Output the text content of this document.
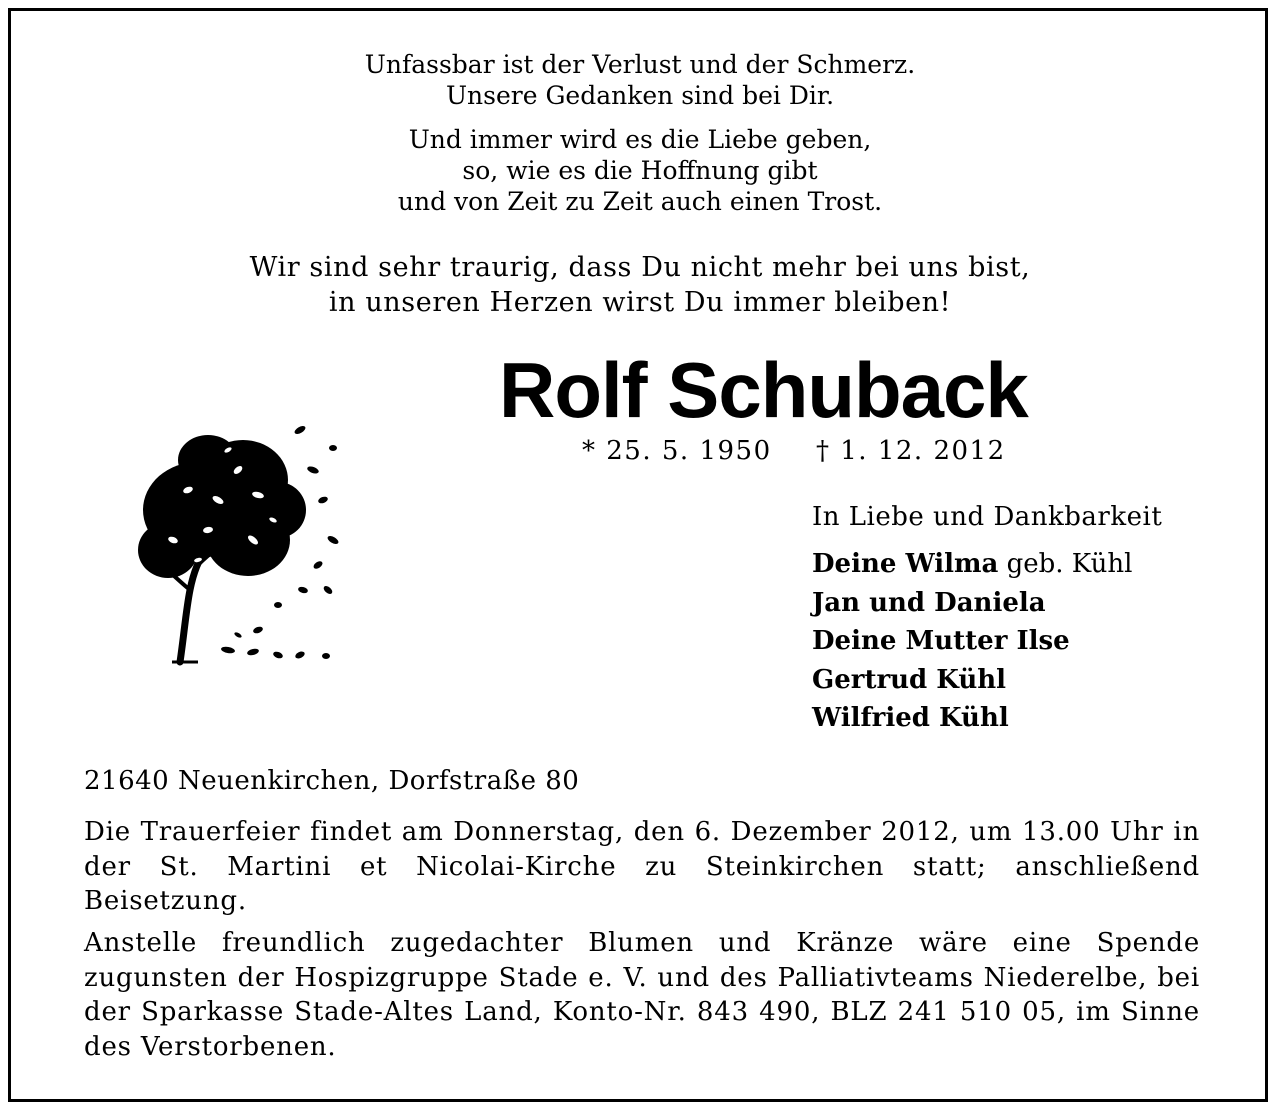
Unfassbar ist der Verlust und der Schmerz.
Unsere Gedanken sind bei Dir.
Und immer wird es die Liebe geben,
so, wie es die Hoffnung gibt
und von Zeit zu Zeit auch einen Trost.
Wir sind sehr traurig, dass Du nicht mehr bei uns bist,
in unseren Herzen wirst Du immer bleiben!
Rolf Schuback
* 25. 5. 1950 † 1. 12. 2012
In Liebe und Dankbarkeit
Deine Wilma geb. Kühl
Jan und Daniela
Deine Mutter Ilse
Gertrud Kühl
Wilfried Kühl
21640 Neuenkirchen, Dorfstraße 80
Die Trauerfeier findet am Donnerstag, den 6. Dezember 2012, um 13.00 Uhr in der St. Martini et Nicolai-Kirche zu Steinkirchen statt; anschließend Beisetzung.
Anstelle freundlich zugedachter Blumen und Kränze wäre eine Spende zugunsten der Hospizgruppe Stade e. V. und des Palliativteams Niederelbe, bei der Sparkasse Stade-Altes Land, Konto-Nr. 843 490, BLZ 241 510 05, im Sinne des Verstorbenen.
